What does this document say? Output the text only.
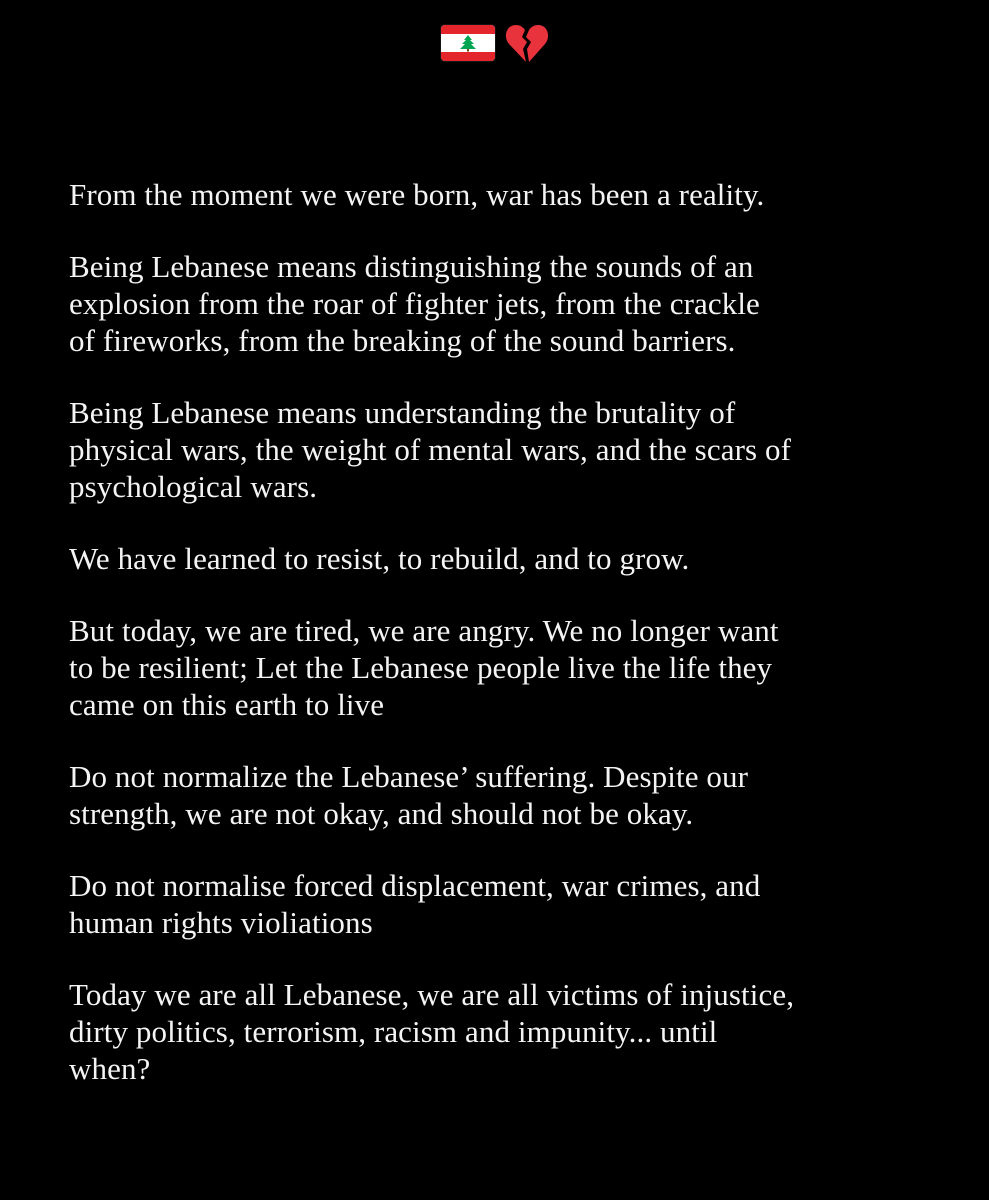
From the moment we were born, war has been a reality.

Being Lebanese means distinguishing the sounds of an
explosion from the roar of fighter jets, from the crackle
of fireworks, from the breaking of the sound barriers.

Being Lebanese means understanding the brutality of
physical wars, the weight of mental wars, and the scars of
psychological wars.

We have learned to resist, to rebuild, and to grow.

But today, we are tired, we are angry. We no longer want
to be resilient; Let the Lebanese people live the life they
came on this earth to live

Do not normalize the Lebanese’ suffering. Despite our
strength, we are not okay, and should not be okay.

Do not normalise forced displacement, war crimes, and
human rights violiations

Today we are all Lebanese, we are all victims of injustice,
dirty politics, terrorism, racism and impunity... until
when?
